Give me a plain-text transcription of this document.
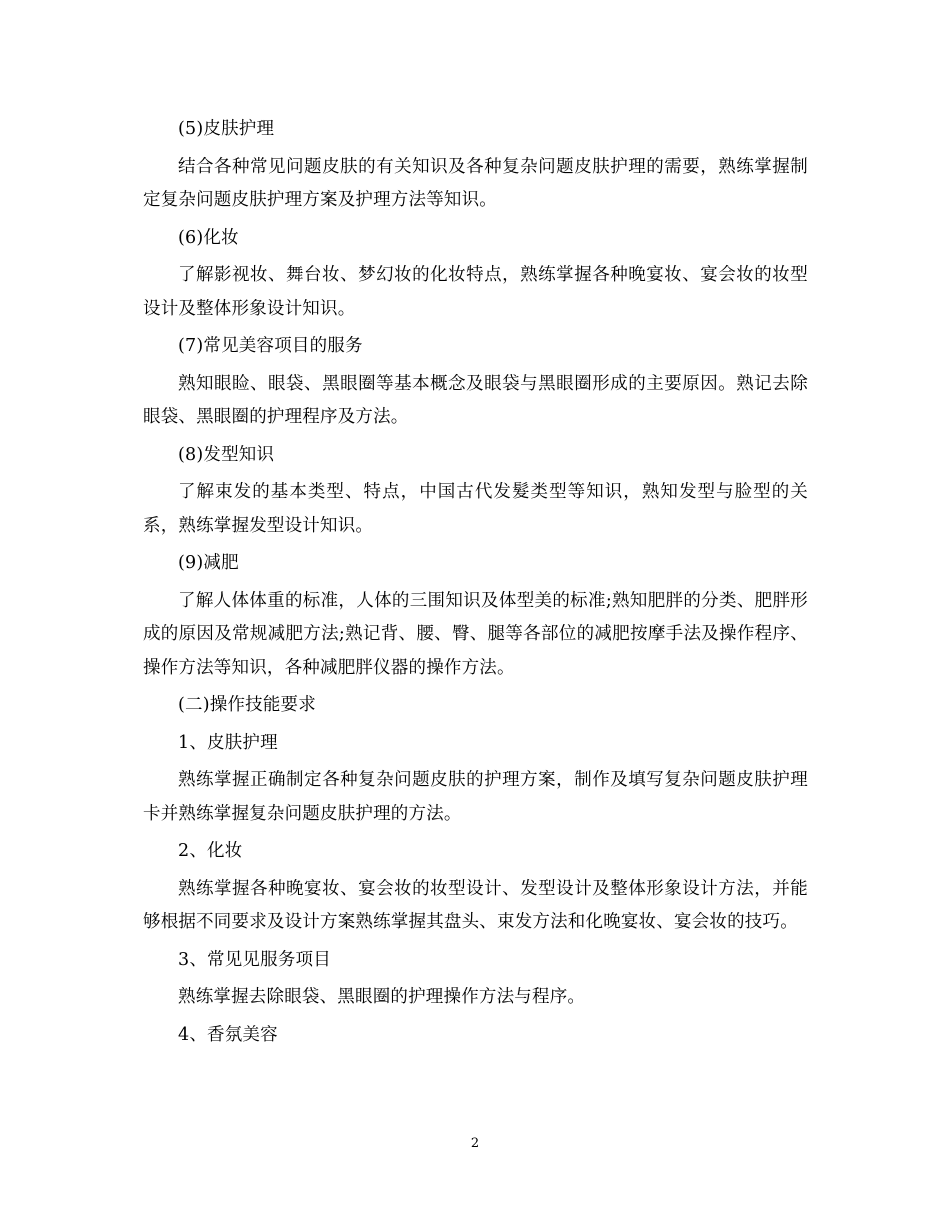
(5)皮肤护理

结合各种常见问题皮肤的有关知识及各种复杂问题皮肤护理的需要，熟练掌握制定复杂问题皮肤护理方案及护理方法等知识。

(6)化妆

了解影视妆、舞台妆、梦幻妆的化妆特点，熟练掌握各种晚宴妆、宴会妆的妆型设计及整体形象设计知识。

(7)常见美容项目的服务

熟知眼睑、眼袋、黑眼圈等基本概念及眼袋与黑眼圈形成的主要原因。熟记去除眼袋、黑眼圈的护理程序及方法。

(8)发型知识

了解束发的基本类型、特点，中国古代发髮类型等知识，熟知发型与脸型的关系，熟练掌握发型设计知识。

(9)减肥

了解人体体重的标准，人体的三围知识及体型美的标准;熟知肥胖的分类、肥胖形成的原因及常规减肥方法;熟记背、腰、臀、腿等各部位的减肥按摩手法及操作程序、操作方法等知识，各种减肥胖仪器的操作方法。

(二)操作技能要求

1、皮肤护理

熟练掌握正确制定各种复杂问题皮肤的护理方案，制作及填写复杂问题皮肤护理卡并熟练掌握复杂问题皮肤护理的方法。

2、化妆

熟练掌握各种晚宴妆、宴会妆的妆型设计、发型设计及整体形象设计方法，并能够根据不同要求及设计方案熟练掌握其盘头、束发方法和化晚宴妆、宴会妆的技巧。

3、常见见服务项目

熟练掌握去除眼袋、黑眼圈的护理操作方法与程序。

4、香氛美容

2
